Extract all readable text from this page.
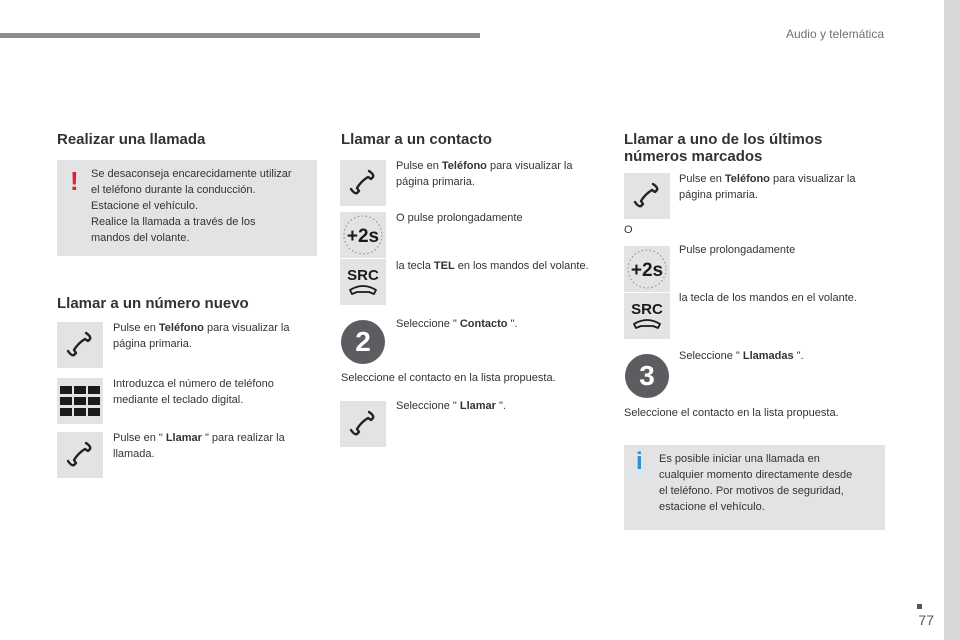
Audio y telemática
77
Realizar una llamada
! Se desaconseja encarecidamente utilizar
el teléfono durante la conducción.
Estacione el vehículo.
Realice la llamada a través de los
mandos del volante.
Llamar a un número nuevo
Pulse en Teléfono para visualizar la página primaria.
Introduzca el número de teléfono mediante el teclado digital.
Pulse en " Llamar " para realizar la llamada.
Llamar a un contacto
Pulse en Teléfono para visualizar la página primaria.
+2s
O pulse prolongadamente
SRC
la tecla TEL en los mandos del volante.
2
Seleccione " Contacto ".
Seleccione el contacto en la lista propuesta.
Seleccione " Llamar ".
Llamar a uno de los últimos
números marcados
Pulse en Teléfono para visualizar la página primaria.
O
+2s
Pulse prolongadamente
SRC
la tecla de los mandos en el volante.
3
Seleccione " Llamadas ".
Seleccione el contacto en la lista propuesta.
i Es posible iniciar una llamada en
cualquier momento directamente desde
el teléfono. Por motivos de seguridad,
estacione el vehículo.
